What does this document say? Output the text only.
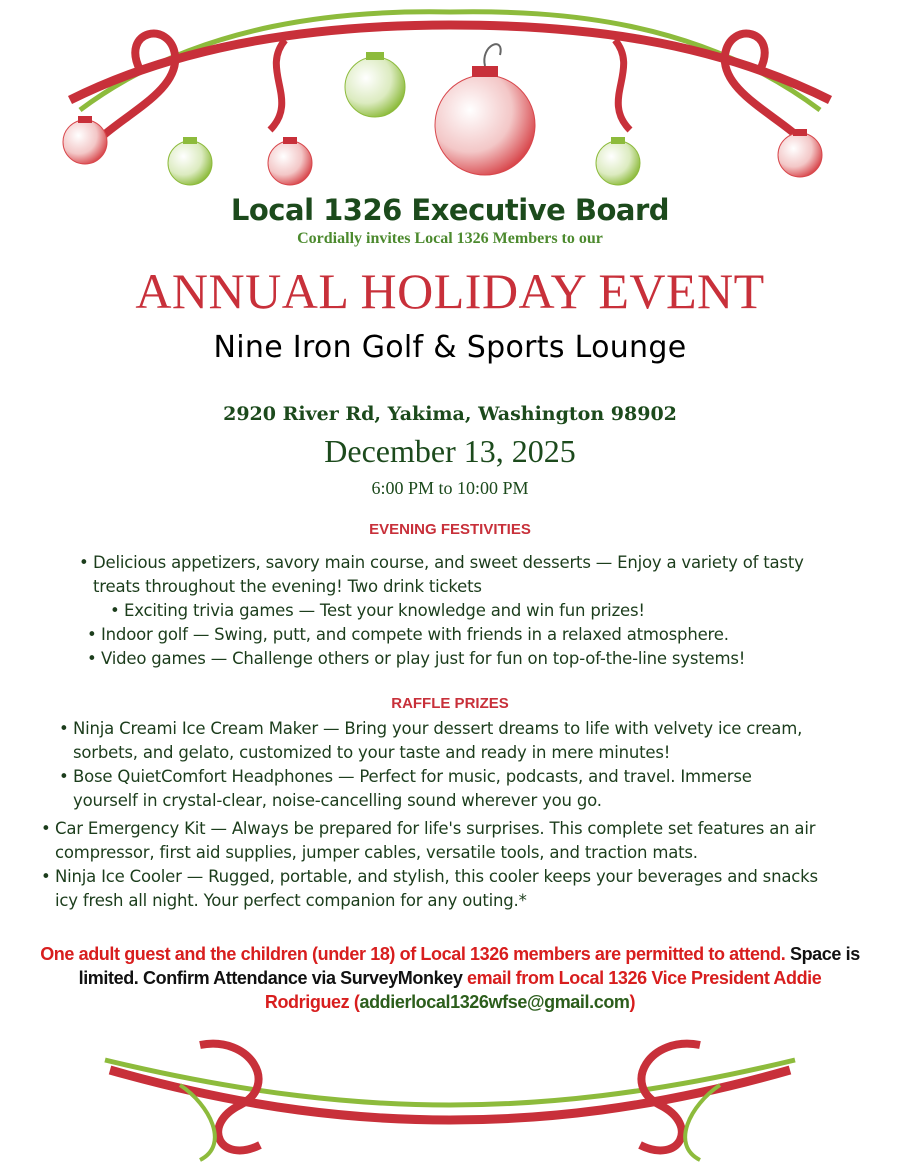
Local 1326 Executive Board
Cordially invites Local 1326 Members to our
ANNUAL HOLIDAY EVENT
Nine Iron Golf & Sports Lounge
2920 River Rd, Yakima, Washington 98902
December 13, 2025
6:00 PM to 10:00 PM
EVENING FESTIVITIES
• Delicious appetizers, savory main course, and sweet desserts — Enjoy a variety of tasty treats throughout the evening! Two drink tickets
• Exciting trivia games — Test your knowledge and win fun prizes!
• Indoor golf — Swing, putt, and compete with friends in a relaxed atmosphere.
• Video games — Challenge others or play just for fun on top-of-the-line systems!
RAFFLE PRIZES
• Ninja Creami Ice Cream Maker — Bring your dessert dreams to life with velvety ice cream, sorbets, and gelato, customized to your taste and ready in mere minutes!
• Bose QuietComfort Headphones — Perfect for music, podcasts, and travel. Immerse yourself in crystal-clear, noise-cancelling sound wherever you go.
• Car Emergency Kit — Always be prepared for life's surprises. This complete set features an air compressor, first aid supplies, jumper cables, versatile tools, and traction mats.
• Ninja Ice Cooler — Rugged, portable, and stylish, this cooler keeps your beverages and snacks icy fresh all night. Your perfect companion for any outing.*
One adult guest and the children (under 18) of Local 1326 members are permitted to attend. Space is limited. Confirm Attendance via SurveyMonkey email from Local 1326 Vice President Addie Rodriguez (addierlocal1326wfse@gmail.com)
